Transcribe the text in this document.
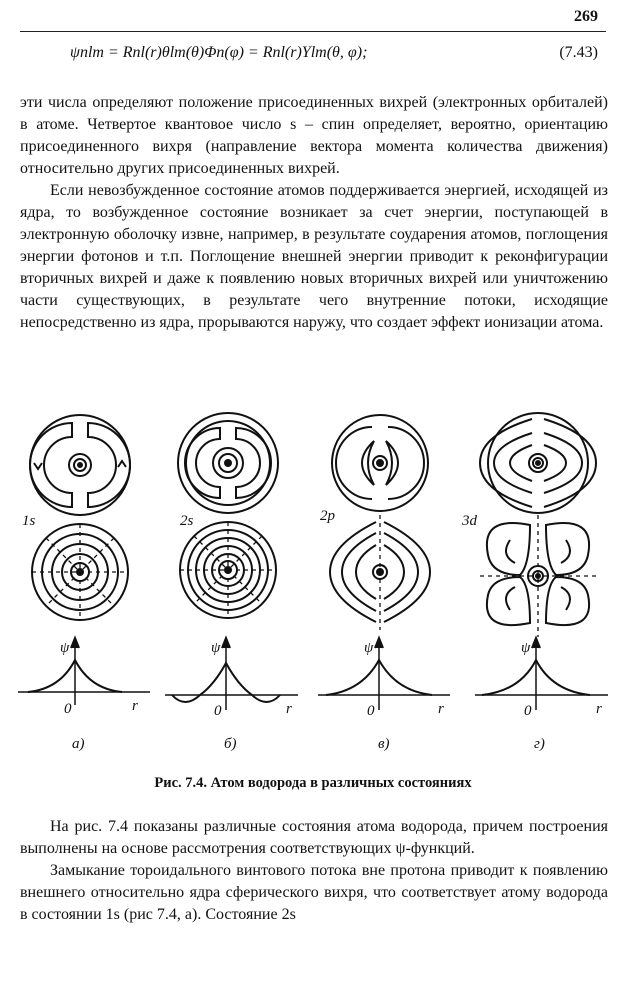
269
ψnlm = Rnl(r)θlm(θ)Φn(φ) = Rnl(r)Ylm(θ, φ);	(7.43)

эти числа определяют положение присоединенных вихрей (электронных орбиталей) в атоме. Четвертое квантовое число s – спин определяет, вероятно, ориентацию присоединенного вихря (направление вектора момента количества движения) относительно других присоединенных вихрей.

Если невозбужденное состояние атомов поддерживается энергией, исходящей из ядра, то возбужденное состояние возникает за счет энергии, поступающей в электронную оболочку извне, например, в результате соударения атомов, поглощения энергии фотонов и т.п. Поглощение внешней энергии приводит к реконфигурации вторичных вихрей и даже к появлению новых вторичных вихрей или уничтожению части существующих, в результате чего внутренние потоки, исходящие непосредственно из ядра, прорываются наружу, что создает эффект ионизации атома.

1s	2s	2p	3d
ψ	ψ	ψ	ψ
0	0	0	0
r	r	r	r
а)	б)	в)	г)
Рис. 7.4. Атом водорода в различных состояниях

На рис. 7.4 показаны различные состояния атома водорода, причем построения выполнены на основе рассмотрения соответствующих ψ-функций.

Замыкание тороидального винтового потока вне протона приводит к появлению внешнего относительно ядра сферического вихря, что соответствует атому водорода в состоянии 1s (рис 7.4, а). Состояние 2s
